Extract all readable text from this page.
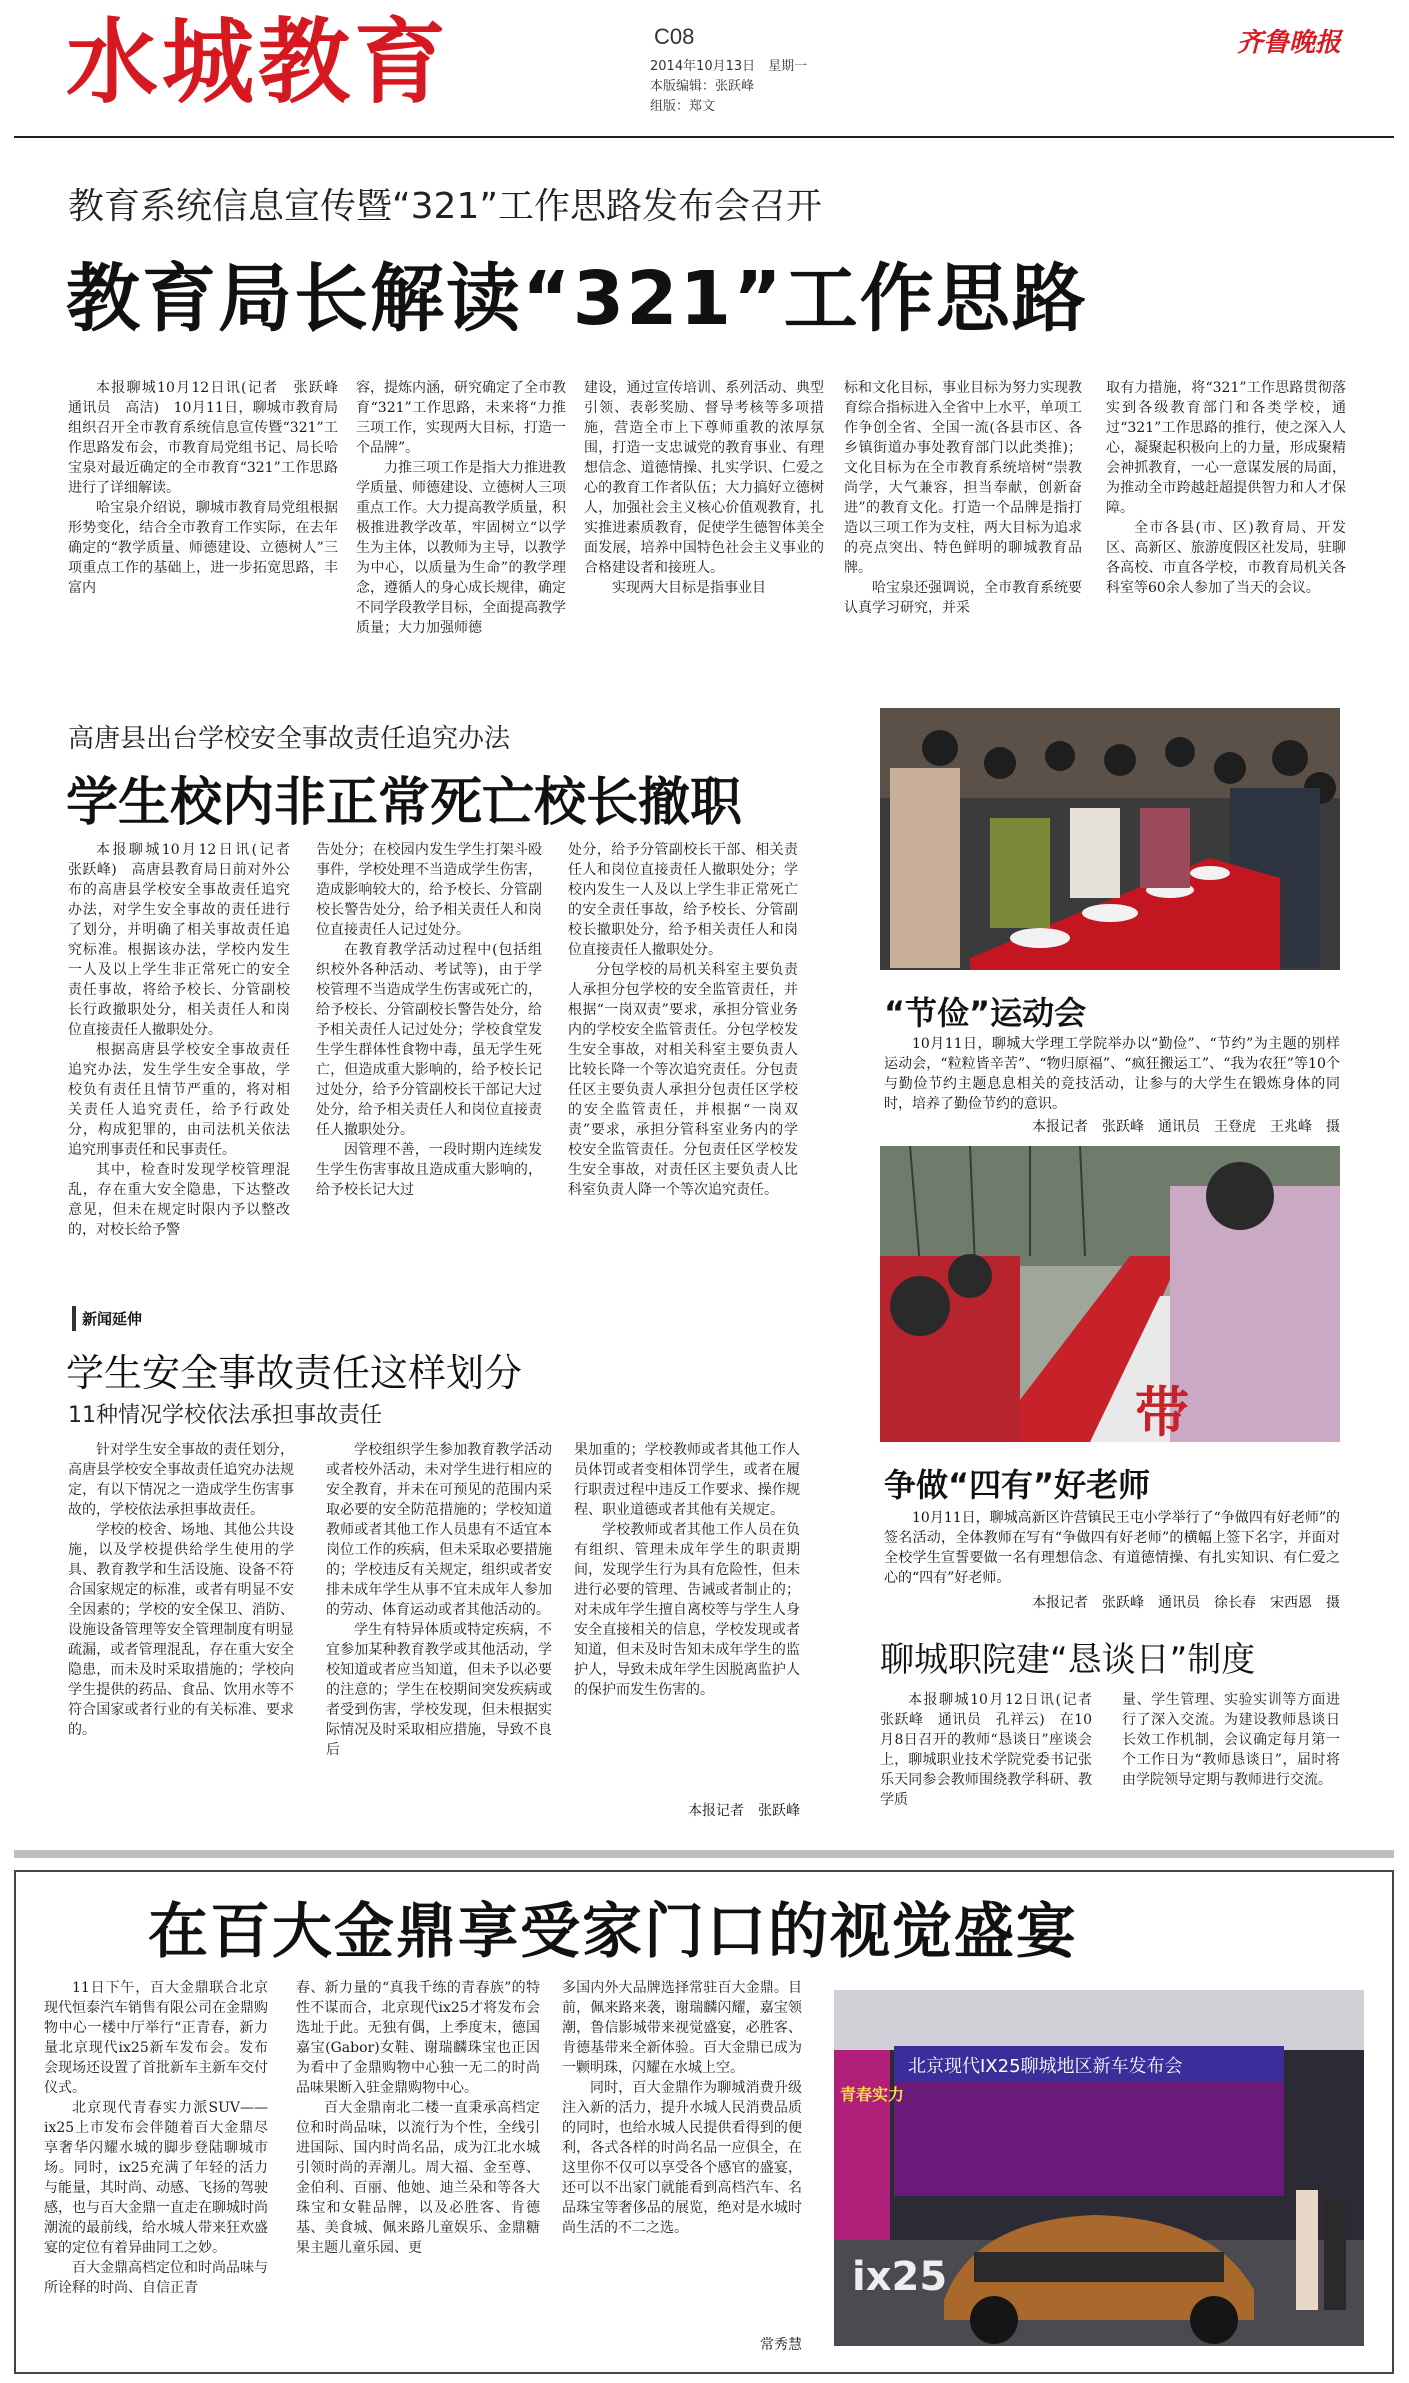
水城教育	C08
2014年10月13日　星期一
本版编辑：张跃峰
组版：郑文
齐鲁晚报
教育系统信息宣传暨“321”工作思路发布会召开
教育局长解读“321”工作思路

本报聊城10月12日讯(记者　张跃峰　通讯员　高洁)　10月11日，聊城市教育局组织召开全市教育系统信息宣传暨“321”工作思路发布会，市教育局党组书记、局长哈宝泉对最近确定的全市教育“321”工作思路进行了详细解读。

哈宝泉介绍说，聊城市教育局党组根据形势变化，结合全市教育工作实际，在去年确定的“教学质量、师德建设、立德树人”三项重点工作的基础上，进一步拓宽思路，丰富内

容，提炼内涵，研究确定了全市教育“321”工作思路，未来将“力推三项工作，实现两大目标，打造一个品牌”。

力推三项工作是指大力推进教学质量、师德建设、立德树人三项重点工作。大力提高教学质量，积极推进教学改革，牢固树立“以学生为主体，以教师为主导，以教学为中心，以质量为生命”的教学理念，遵循人的身心成长规律，确定不同学段教学目标，全面提高教学质量；大力加强师德

建设，通过宣传培训、系列活动、典型引领、表彰奖励、督导考核等多项措施，营造全市上下尊师重教的浓厚氛围，打造一支忠诚党的教育事业、有理想信念、道德情操、扎实学识、仁爱之心的教育工作者队伍；大力搞好立德树人，加强社会主义核心价值观教育，扎实推进素质教育，促使学生德智体美全面发展，培养中国特色社会主义事业的合格建设者和接班人。

实现两大目标是指事业目

标和文化目标，事业目标为努力实现教育综合指标进入全省中上水平，单项工作争创全省、全国一流(各县市区、各乡镇街道办事处教育部门以此类推)；文化目标为在全市教育系统培树“崇教尚学，大气兼容，担当奉献，创新奋进”的教育文化。打造一个品牌是指打造以三项工作为支柱，两大目标为追求的亮点突出、特色鲜明的聊城教育品牌。

哈宝泉还强调说，全市教育系统要认真学习研究，并采

取有力措施，将“321”工作思路贯彻落实到各级教育部门和各类学校，通过“321”工作思路的推行，使之深入人心，凝聚起积极向上的力量，形成聚精会神抓教育，一心一意谋发展的局面，为推动全市跨越赶超提供智力和人才保障。

全市各县(市、区)教育局、开发区、高新区、旅游度假区社发局，驻聊各高校、市直各学校，市教育局机关各科室等60余人参加了当天的会议。

高唐县出台学校安全事故责任追究办法
学生校内非正常死亡校长撤职

本报聊城10月12日讯(记者　张跃峰)　高唐县教育局日前对外公布的高唐县学校安全事故责任追究办法，对学生安全事故的责任进行了划分，并明确了相关事故责任追究标准。根据该办法，学校内发生一人及以上学生非正常死亡的安全责任事故，将给予校长、分管副校长行政撤职处分，相关责任人和岗位直接责任人撤职处分。

根据高唐县学校安全事故责任追究办法，发生学生安全事故，学校负有责任且情节严重的，将对相关责任人追究责任，给予行政处分，构成犯罪的，由司法机关依法追究刑事责任和民事责任。

其中，检查时发现学校管理混乱，存在重大安全隐患，下达整改意见，但未在规定时限内予以整改的，对校长给予警

告处分；在校园内发生学生打架斗殴事件，学校处理不当造成学生伤害，造成影响较大的，给予校长、分管副校长警告处分，给予相关责任人和岗位直接责任人记过处分。

在教育教学活动过程中(包括组织校外各种活动、考试等)，由于学校管理不当造成学生伤害或死亡的，给予校长、分管副校长警告处分，给予相关责任人记过处分；学校食堂发生学生群体性食物中毒，虽无学生死亡，但造成重大影响的，给予校长记过处分，给予分管副校长干部记大过处分，给予相关责任人和岗位直接责任人撤职处分。

因管理不善，一段时期内连续发生学生伤害事故且造成重大影响的，给予校长记大过

处分，给予分管副校长干部、相关责任人和岗位直接责任人撤职处分；学校内发生一人及以上学生非正常死亡的安全责任事故，给予校长、分管副校长撤职处分，给予相关责任人和岗位直接责任人撤职处分。

分包学校的局机关科室主要负责人承担分包学校的安全监管责任，并根据“一岗双责”要求，承担分管业务内的学校安全监管责任。分包学校发生安全事故，对相关科室主要负责人比较长降一个等次追究责任。分包责任区主要负责人承担分包责任区学校的安全监管责任，并根据“一岗双责”要求，承担分管科室业务内的学校安全监管责任。分包责任区学校发生安全事故，对责任区主要负责人比科室负责人降一个等次追究责任。

新闻延伸
学生安全事故责任这样划分
11种情况学校依法承担事故责任

针对学生安全事故的责任划分，高唐县学校安全事故责任追究办法规定，有以下情况之一造成学生伤害事故的，学校依法承担事故责任。

学校的校舍、场地、其他公共设施，以及学校提供给学生使用的学具、教育教学和生活设施、设备不符合国家规定的标准，或者有明显不安全因素的；学校的安全保卫、消防、设施设备管理等安全管理制度有明显疏漏，或者管理混乱，存在重大安全隐患，而未及时采取措施的；学校向学生提供的药品、食品、饮用水等不符合国家或者行业的有关标准、要求的。

学校组织学生参加教育教学活动或者校外活动，未对学生进行相应的安全教育，并未在可预见的范围内采取必要的安全防范措施的；学校知道教师或者其他工作人员患有不适宜本岗位工作的疾病，但未采取必要措施的；学校违反有关规定，组织或者安排未成年学生从事不宜未成年人参加的劳动、体育运动或者其他活动的。

学生有特异体质或特定疾病，不宜参加某种教育教学或其他活动，学校知道或者应当知道，但未予以必要的注意的；学生在校期间突发疾病或者受到伤害，学校发现，但未根据实际情况及时采取相应措施，导致不良后

果加重的；学校教师或者其他工作人员体罚或者变相体罚学生，或者在履行职责过程中违反工作要求、操作规程、职业道德或者其他有关规定。

学校教师或者其他工作人员在负有组织、管理未成年学生的职责期间，发现学生行为具有危险性，但未进行必要的管理、告诫或者制止的；对未成年学生擅自离校等与学生人身安全直接相关的信息，学校发现或者知道，但未及时告知未成年学生的监护人，导致未成年学生因脱离监护人的保护而发生伤害的。

本报记者　张跃峰
“节俭”运动会

10月11日，聊城大学理工学院举办以“勤俭”、“节约”为主题的别样运动会，“粒粒皆辛苦”、“物归原福”、“疯狂搬运工”、“我为农狂”等10个与勤俭节约主题息息相关的竞技活动，让参与的大学生在锻炼身体的同时，培养了勤俭节约的意识。

本报记者　张跃峰　通讯员　王登虎　王兆峰　摄
带
争做“四有”好老师

10月11日，聊城高新区许营镇民王屯小学举行了“争做四有好老师”的签名活动，全体教师在写有“争做四有好老师”的横幅上签下名字，并面对全校学生宣誓要做一名有理想信念、有道德情操、有扎实知识、有仁爱之心的“四有”好老师。

本报记者　张跃峰　通讯员　徐长春　宋西恩　摄
聊城职院建“恳谈日”制度

本报聊城10月12日讯(记者　张跃峰　通讯员　孔祥云)　在10月8日召开的教师“恳谈日”座谈会上，聊城职业技术学院党委书记张乐天同参会教师围绕教学科研、教学质

量、学生管理、实验实训等方面进行了深入交流。为建设教师恳谈日长效工作机制，会议确定每月第一个工作日为“教师恳谈日”，届时将由学院领导定期与教师进行交流。

在百大金鼎享受家门口的视觉盛宴

11日下午，百大金鼎联合北京现代恒泰汽车销售有限公司在金鼎购物中心一楼中厅举行“正青春，新力量北京现代ix25新车发布会。发布会现场还设置了首批新车主新车交付仪式。

北京现代青春实力派SUV——ix25上市发布会伴随着百大金鼎尽享奢华闪耀水城的脚步登陆聊城市场。同时，ix25充满了年轻的活力与能量，其时尚、动感、飞扬的驾驶感，也与百大金鼎一直走在聊城时尚潮流的最前线，给水城人带来狂欢盛宴的定位有着异曲同工之妙。

百大金鼎高档定位和时尚品味与所诠释的时尚、自信正青

春、新力量的“真我千练的青春族”的特性不谋而合，北京现代ix25才将发布会选址于此。无独有偶，上季度末，德国嘉宝(Gabor)女鞋、谢瑞麟珠宝也正因为看中了金鼎购物中心独一无二的时尚品味果断入驻金鼎购物中心。

百大金鼎南北二楼一直秉承高档定位和时尚品味，以流行为个性，全线引进国际、国内时尚名品，成为江北水城引领时尚的弄潮儿。周大福、金至尊、金伯利、百丽、他她、迪兰朵和等各大珠宝和女鞋品牌，以及必胜客、肯德基、美食城、佩来路儿童娱乐、金鼎糖果主题儿童乐园、更

多国内外大品牌选择常驻百大金鼎。目前，佩来路来袭，谢瑞麟闪耀，嘉宝领潮，鲁信影城带来视觉盛宴，必胜客、肯德基带来全新体验。百大金鼎已成为一颗明珠，闪耀在水城上空。

同时，百大金鼎作为聊城消费升级注入新的活力，提升水城人民消费品质的同时，也给水城人民提供看得到的便利，各式各样的时尚名品一应俱全，在这里你不仅可以享受各个感官的盛宴，还可以不出家门就能看到高档汽车、名品珠宝等奢侈品的展览，绝对是水城时尚生活的不二之选。

常秀慧
北京现代IX25聊城地区新车发布会
青春实力
ix25
